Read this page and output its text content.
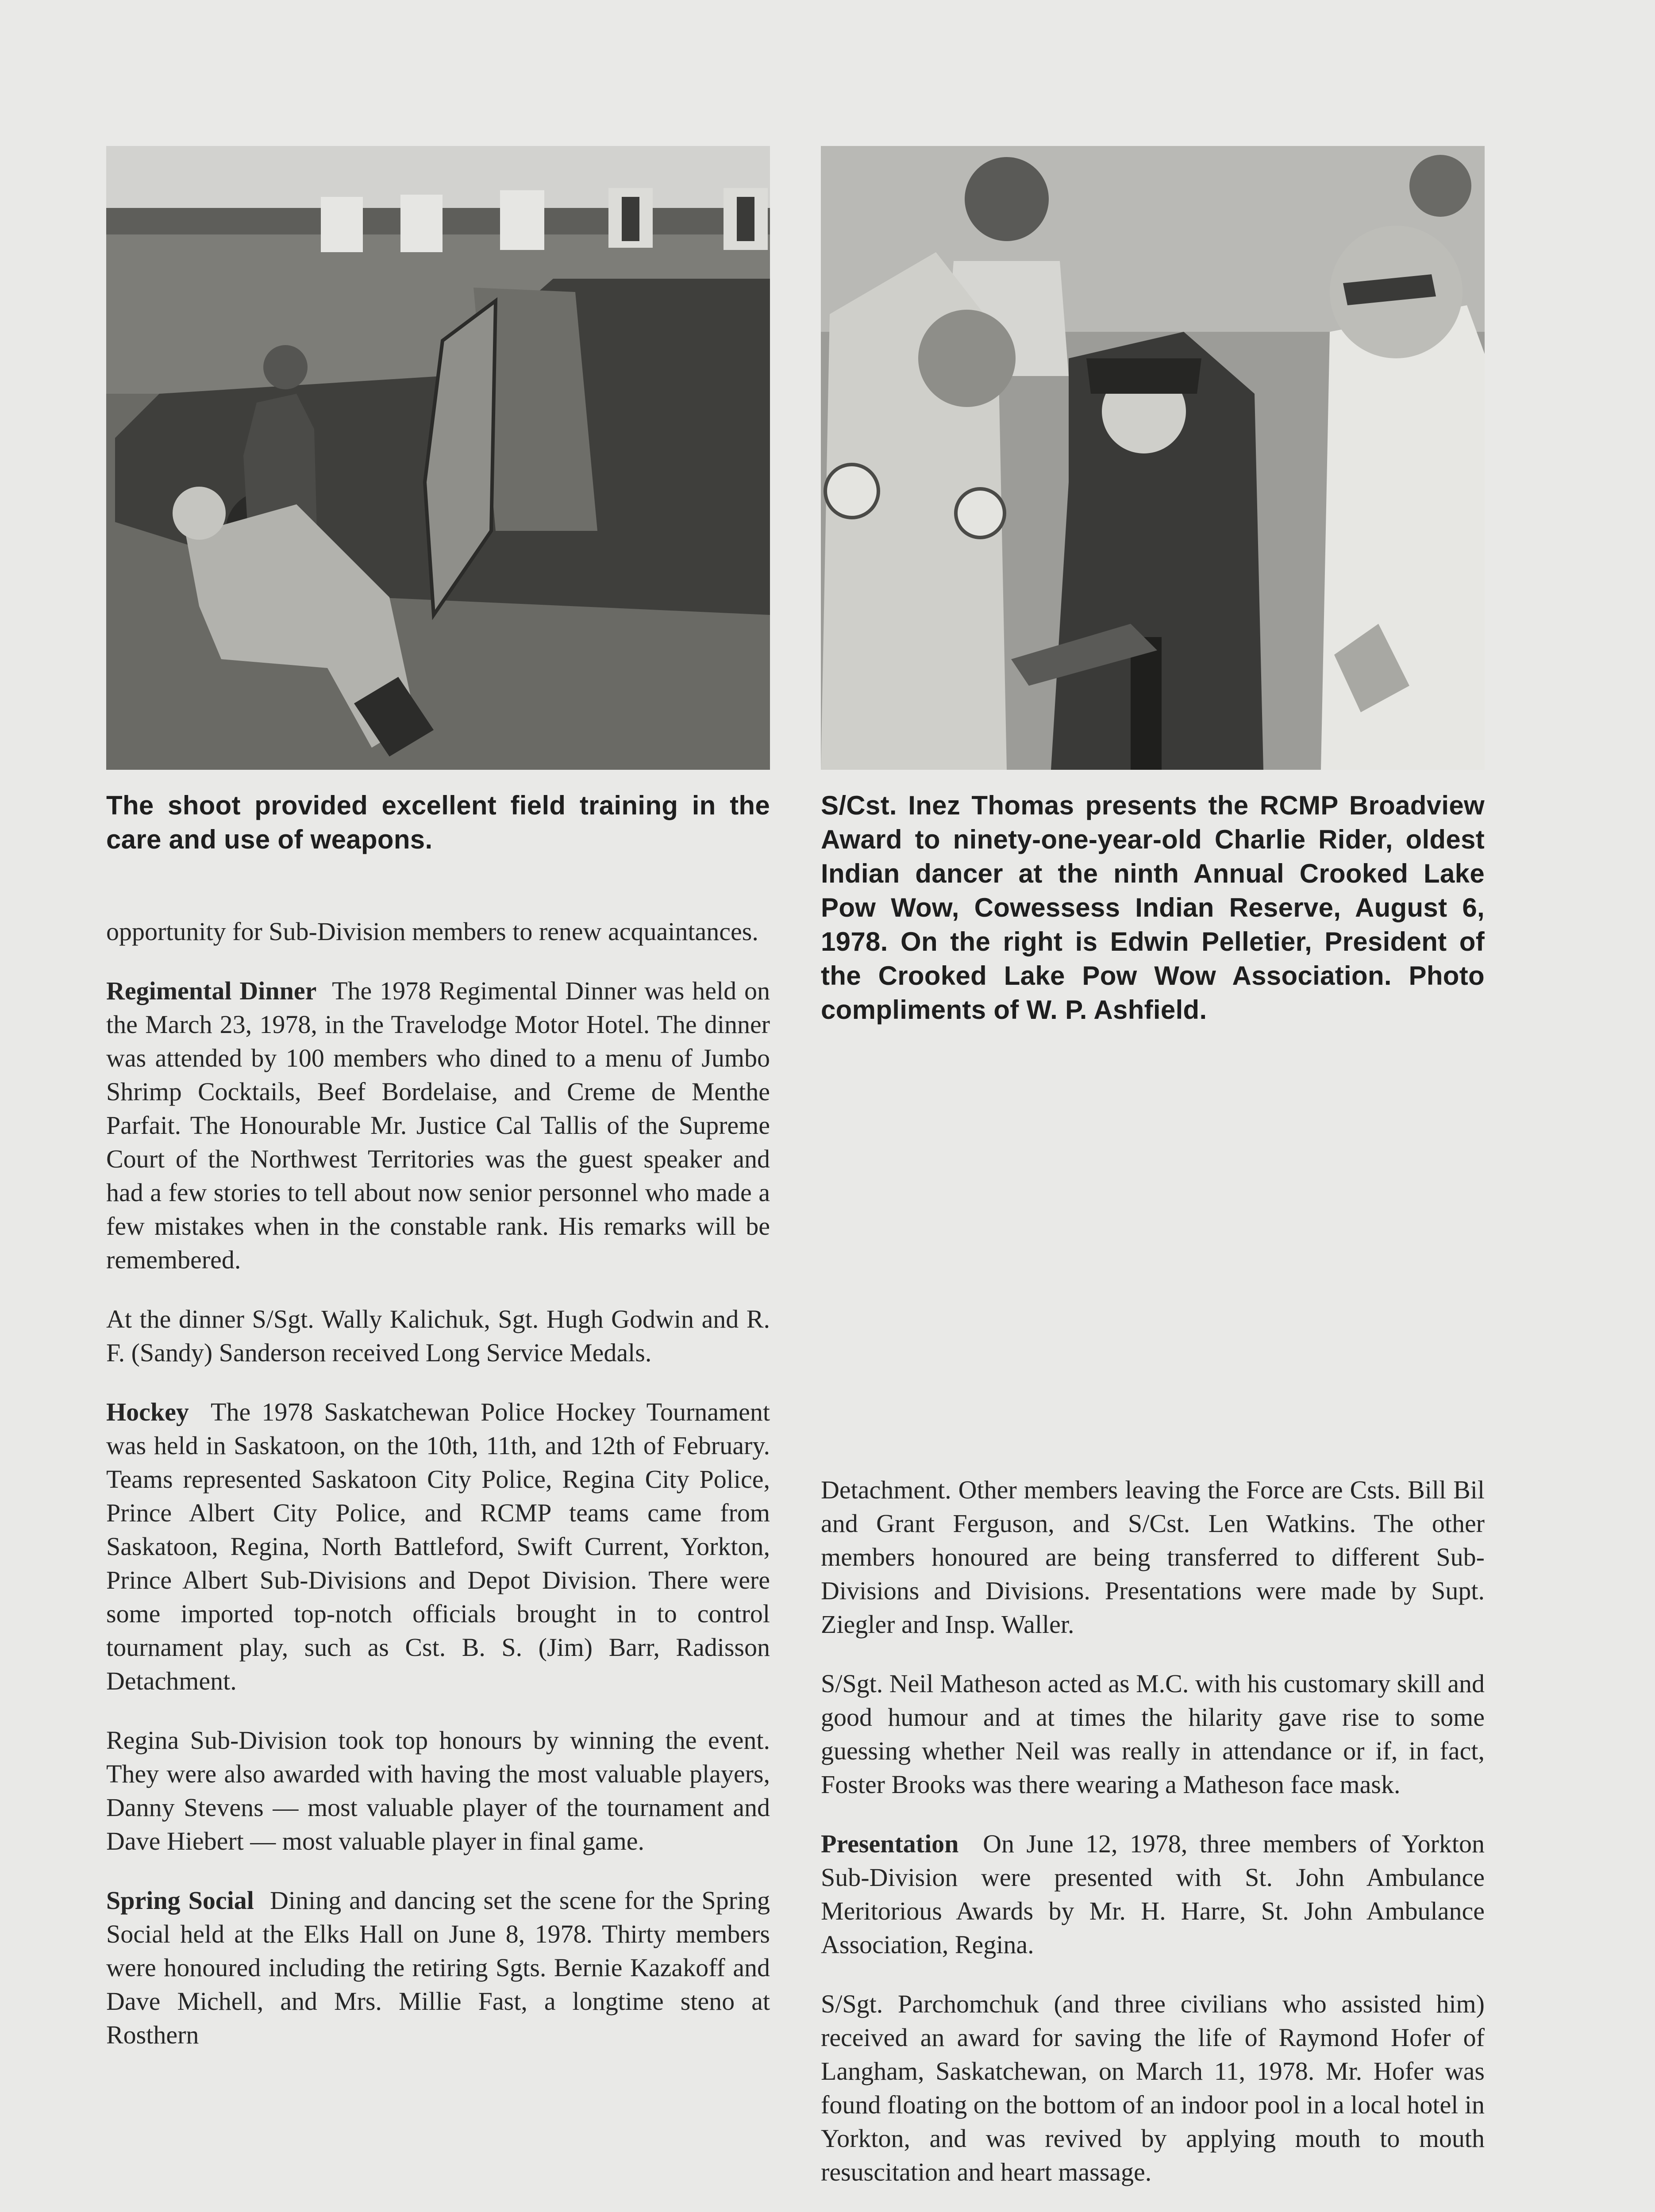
The shoot provided excellent field training in the care and use of weapons.

opportunity for Sub-Division members to renew acquaintances.

Regimental Dinner The 1978 Regimental Dinner was held on the March 23, 1978, in the Travelodge Motor Hotel. The dinner was attended by 100 members who dined to a menu of Jumbo Shrimp Cocktails, Beef Bordelaise, and Creme de Menthe Parfait. The Honourable Mr. Justice Cal Tallis of the Supreme Court of the Northwest Territories was the guest speaker and had a few stories to tell about now senior personnel who made a few mistakes when in the constable rank. His remarks will be remembered.

At the dinner S/Sgt. Wally Kalichuk, Sgt. Hugh Godwin and R. F. (Sandy) Sanderson received Long Service Medals.

Hockey The 1978 Saskatchewan Police Hockey Tournament was held in Saskatoon, on the 10th, 11th, and 12th of February. Teams represented Saskatoon City Police, Regina City Police, Prince Albert City Police, and RCMP teams came from Saskatoon, Regina, North Battleford, Swift Current, Yorkton, Prince Albert Sub-Divisions and Depot Division. There were some imported top-notch officials brought in to control tournament play, such as Cst. B. S. (Jim) Barr, Radisson Detachment.

Regina Sub-Division took top honours by winning the event. They were also awarded with having the most valuable players, Danny Stevens — most valuable player of the tournament and Dave Hiebert — most valuable player in final game.

Spring Social Dining and dancing set the scene for the Spring Social held at the Elks Hall on June 8, 1978. Thirty members were honoured including the retiring Sgts. Bernie Kazakoff and Dave Michell, and Mrs. Millie Fast, a longtime steno at Rosthern

S/Cst. Inez Thomas presents the RCMP Broadview Award to ninety-one-year-old Charlie Rider, oldest Indian dancer at the ninth Annual Crooked Lake Pow Wow, Cowessess Indian Reserve, August 6, 1978. On the right is Edwin Pelletier, President of the Crooked Lake Pow Wow Association. Photo compliments of W. P. Ashfield.

Detachment. Other members leaving the Force are Csts. Bill Bil and Grant Ferguson, and S/Cst. Len Watkins. The other members honoured are being transferred to different Sub-Divisions and Divisions. Presentations were made by Supt. Ziegler and Insp. Waller.

S/Sgt. Neil Matheson acted as M.C. with his customary skill and good humour and at times the hilarity gave rise to some guessing whether Neil was really in attendance or if, in fact, Foster Brooks was there wearing a Matheson face mask.

Presentation On June 12, 1978, three members of Yorkton Sub-Division were presented with St. John Ambulance Meritorious Awards by Mr. H. Harre, St. John Ambulance Association, Regina.

S/Sgt. Parchomchuk (and three civilians who assisted him) received an award for saving the life of Raymond Hofer of Langham, Saskatchewan, on March 11, 1978. Mr. Hofer was found floating on the bottom of an indoor pool in a local hotel in Yorkton, and was revived by applying mouth to mouth resuscitation and heart massage.
